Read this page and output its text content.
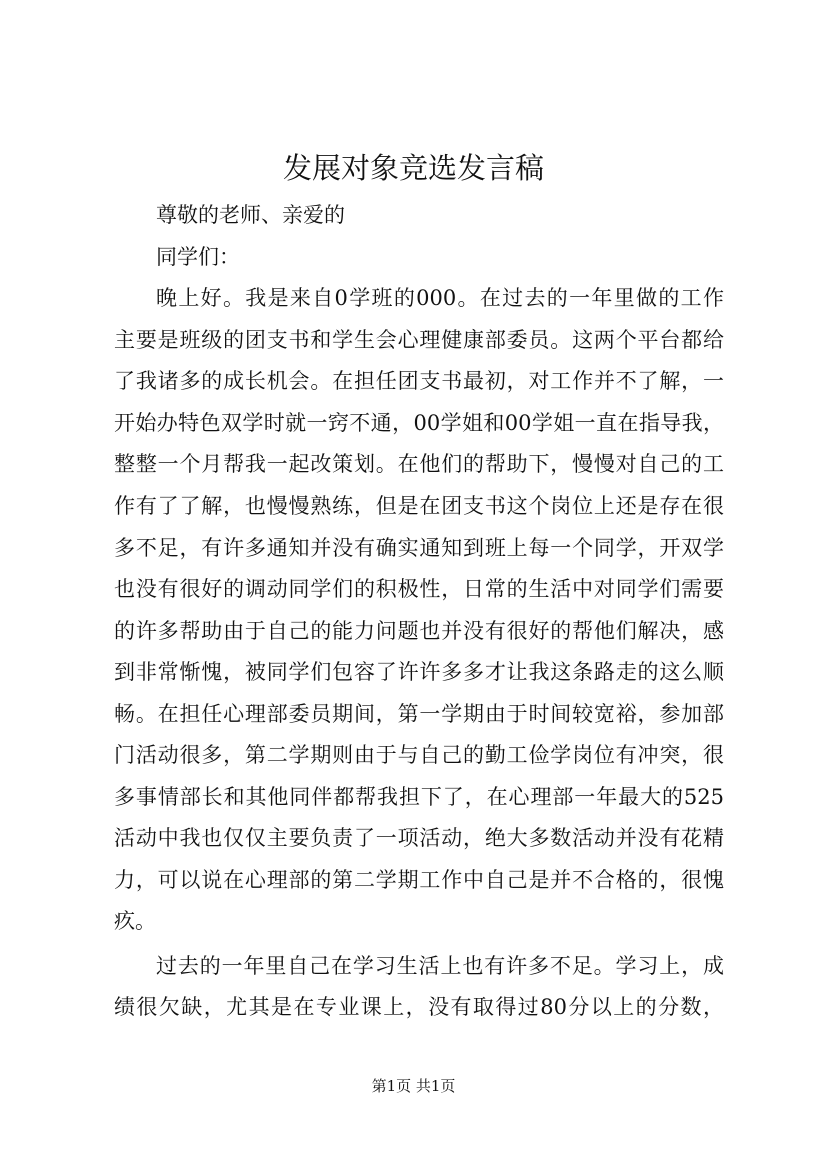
发展对象竞选发言稿

尊敬的老师、亲爱的

同学们：

晚上好。我是来自0学班的000。在过去的一年里做的工作

主要是班级的团支书和学生会心理健康部委员。这两个平台都给

了我诸多的成长机会。在担任团支书最初，对工作并不了解，一

开始办特色双学时就一窍不通，00学姐和00学姐一直在指导我，

整整一个月帮我一起改策划。在他们的帮助下，慢慢对自己的工

作有了了解，也慢慢熟练，但是在团支书这个岗位上还是存在很

多不足，有许多通知并没有确实通知到班上每一个同学，开双学

也没有很好的调动同学们的积极性，日常的生活中对同学们需要

的许多帮助由于自己的能力问题也并没有很好的帮他们解决，感

到非常惭愧，被同学们包容了许许多多才让我这条路走的这么顺

畅。在担任心理部委员期间，第一学期由于时间较宽裕，参加部

门活动很多，第二学期则由于与自己的勤工俭学岗位有冲突，很

多事情部长和其他同伴都帮我担下了，在心理部一年最大的525

活动中我也仅仅主要负责了一项活动，绝大多数活动并没有花精

力，可以说在心理部的第二学期工作中自己是并不合格的，很愧

疚。

过去的一年里自己在学习生活上也有许多不足。学习上，成

绩很欠缺，尤其是在专业课上，没有取得过80分以上的分数，

第1页 共1页
